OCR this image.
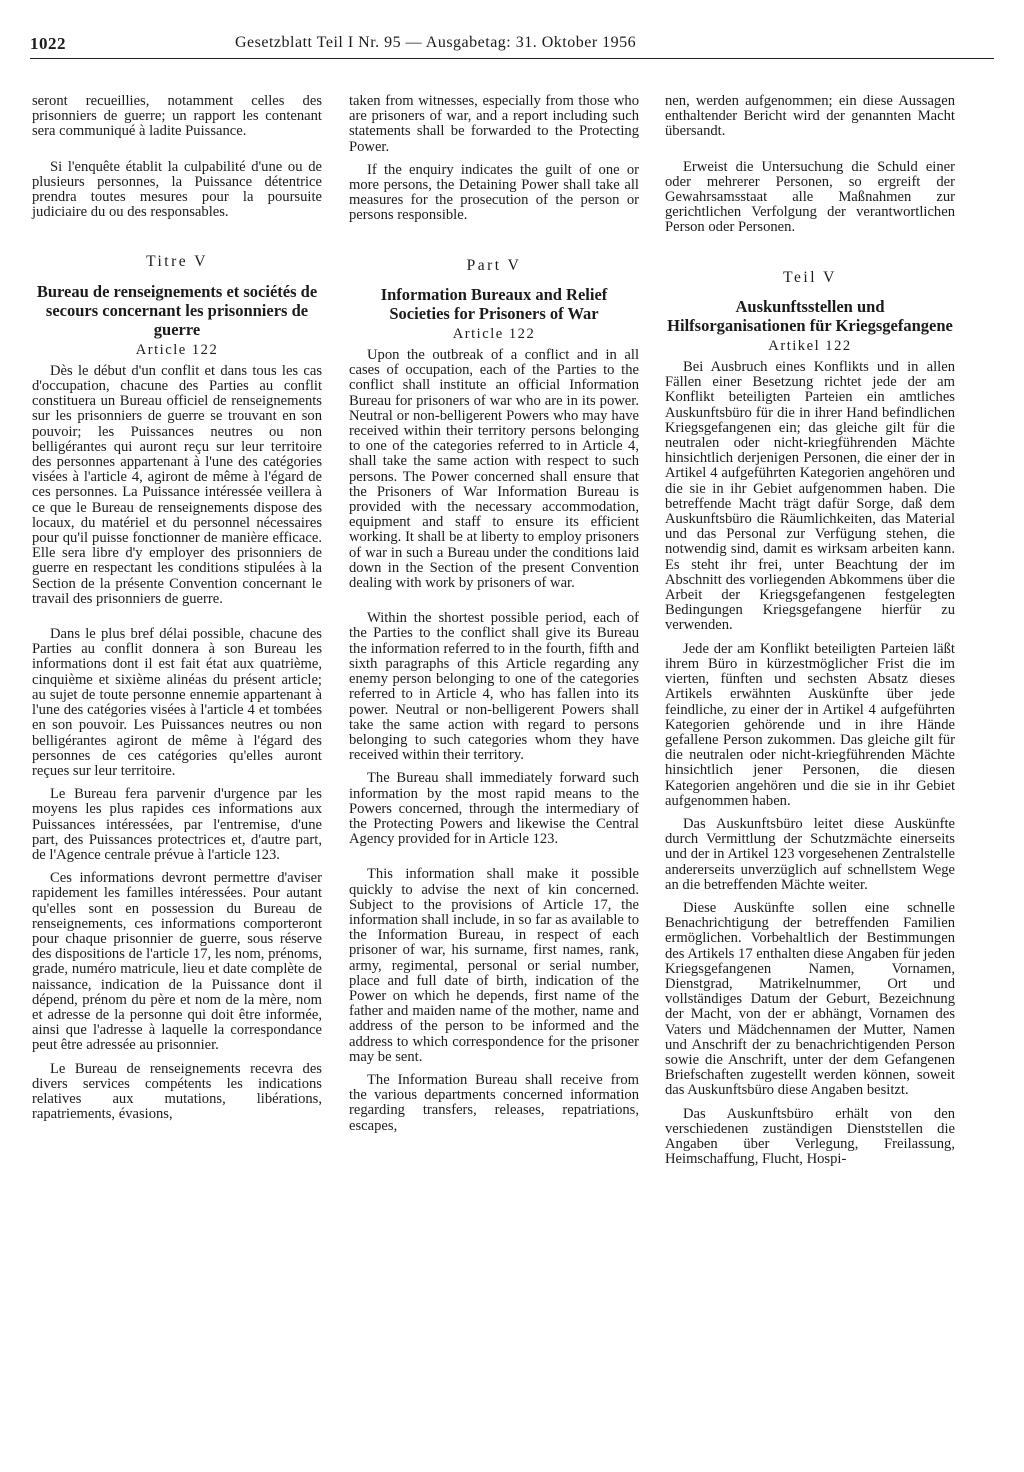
1022	Gesetzblatt Teil I Nr. 95 — Ausgabetag: 31. Oktober 1956

seront recueillies, notamment celles des prisonniers de guerre; un rapport les contenant sera communiqué à ladite Puissance.

Si l'enquête établit la culpabilité d'une ou de plusieurs personnes, la Puissance détentrice prendra toutes mesures pour la poursuite judiciaire du ou des responsables.

Titre V
Bureau de renseignements et sociétés de secours concernant les prisonniers de guerre
Article 122

Dès le début d'un conflit et dans tous les cas d'occupation, chacune des Parties au conflit constituera un Bureau officiel de renseignements sur les prisonniers de guerre se trouvant en son pouvoir; les Puissances neutres ou non belligérantes qui auront reçu sur leur territoire des personnes appartenant à l'une des catégories visées à l'article 4, agiront de même à l'égard de ces personnes. La Puissance intéressée veillera à ce que le Bureau de renseignements dispose des locaux, du matériel et du personnel nécessaires pour qu'il puisse fonctionner de manière efficace. Elle sera libre d'y employer des prisonniers de guerre en respectant les conditions stipulées à la Section de la présente Convention concernant le travail des prisonniers de guerre.

Dans le plus bref délai possible, chacune des Parties au conflit donnera à son Bureau les informations dont il est fait état aux quatrième, cinquième et sixième alinéas du présent article; au sujet de toute personne ennemie appartenant à l'une des catégories visées à l'article 4 et tombées en son pouvoir. Les Puissances neutres ou non belligérantes agiront de même à l'égard des personnes de ces catégories qu'elles auront reçues sur leur territoire.

Le Bureau fera parvenir d'urgence par les moyens les plus rapides ces informations aux Puissances intéressées, par l'entremise, d'une part, des Puissances protectrices et, d'autre part, de l'Agence centrale prévue à l'article 123.

Ces informations devront permettre d'aviser rapidement les familles intéressées. Pour autant qu'elles sont en possession du Bureau de renseignements, ces informations comporteront pour chaque prisonnier de guerre, sous réserve des dispositions de l'article 17, les nom, prénoms, grade, numéro matricule, lieu et date complète de naissance, indication de la Puissance dont il dépend, prénom du père et nom de la mère, nom et adresse de la personne qui doit être informée, ainsi que l'adresse à laquelle la correspondance peut être adressée au prisonnier.

Le Bureau de renseignements recevra des divers services compétents les indications relatives aux mutations, libérations, rapatriements, évasions,

taken from witnesses, especially from those who are prisoners of war, and a report including such statements shall be forwarded to the Protecting Power.

If the enquiry indicates the guilt of one or more persons, the Detaining Power shall take all measures for the prosecution of the person or persons responsible.

Part V
Information Bureaux and Relief Societies for Prisoners of War
Article 122

Upon the outbreak of a conflict and in all cases of occupation, each of the Parties to the conflict shall institute an official Information Bureau for prisoners of war who are in its power. Neutral or non-belligerent Powers who may have received within their territory persons belonging to one of the categories referred to in Article 4, shall take the same action with respect to such persons. The Power concerned shall ensure that the Prisoners of War Information Bureau is provided with the necessary accommodation, equipment and staff to ensure its efficient working. It shall be at liberty to employ prisoners of war in such a Bureau under the conditions laid down in the Section of the present Convention dealing with work by prisoners of war.

Within the shortest possible period, each of the Parties to the conflict shall give its Bureau the information referred to in the fourth, fifth and sixth paragraphs of this Article regarding any enemy person belonging to one of the categories referred to in Article 4, who has fallen into its power. Neutral or non-belligerent Powers shall take the same action with regard to persons belonging to such categories whom they have received within their territory.

The Bureau shall immediately forward such information by the most rapid means to the Powers concerned, through the intermediary of the Protecting Powers and likewise the Central Agency provided for in Article 123.

This information shall make it possible quickly to advise the next of kin concerned. Subject to the provisions of Article 17, the information shall include, in so far as available to the Information Bureau, in respect of each prisoner of war, his surname, first names, rank, army, regimental, personal or serial number, place and full date of birth, indication of the Power on which he depends, first name of the father and maiden name of the mother, name and address of the person to be informed and the address to which correspondence for the prisoner may be sent.

The Information Bureau shall receive from the various departments concerned information regarding transfers, releases, repatriations, escapes,

nen, werden aufgenommen; ein diese Aussagen enthaltender Bericht wird der genannten Macht übersandt.

Erweist die Untersuchung die Schuld einer oder mehrerer Personen, so ergreift der Gewahrsamsstaat alle Maßnahmen zur gerichtlichen Verfolgung der verantwortlichen Person oder Personen.

Teil V
Auskunftsstellen und Hilfsorganisationen für Kriegsgefangene
Artikel 122

Bei Ausbruch eines Konflikts und in allen Fällen einer Besetzung richtet jede der am Konflikt beteiligten Parteien ein amtliches Auskunftsbüro für die in ihrer Hand befindlichen Kriegsgefangenen ein; das gleiche gilt für die neutralen oder nicht-kriegführenden Mächte hinsichtlich derjenigen Personen, die einer der in Artikel 4 aufgeführten Kategorien angehören und die sie in ihr Gebiet aufgenommen haben. Die betreffende Macht trägt dafür Sorge, daß dem Auskunftsbüro die Räumlichkeiten, das Material und das Personal zur Verfügung stehen, die notwendig sind, damit es wirksam arbeiten kann. Es steht ihr frei, unter Beachtung der im Abschnitt des vorliegenden Abkommens über die Arbeit der Kriegsgefangenen festgelegten Bedingungen Kriegsgefangene hierfür zu verwenden.

Jede der am Konflikt beteiligten Parteien läßt ihrem Büro in kürzestmöglicher Frist die im vierten, fünften und sechsten Absatz dieses Artikels erwähnten Auskünfte über jede feindliche, zu einer der in Artikel 4 aufgeführten Kategorien gehörende und in ihre Hände gefallene Person zukommen. Das gleiche gilt für die neutralen oder nicht-kriegführenden Mächte hinsichtlich jener Personen, die diesen Kategorien angehören und die sie in ihr Gebiet aufgenommen haben.

Das Auskunftsbüro leitet diese Auskünfte durch Vermittlung der Schutzmächte einerseits und der in Artikel 123 vorgesehenen Zentralstelle andererseits unverzüglich auf schnellstem Wege an die betreffenden Mächte weiter.

Diese Auskünfte sollen eine schnelle Benachrichtigung der betreffenden Familien ermöglichen. Vorbehaltlich der Bestimmungen des Artikels 17 enthalten diese Angaben für jeden Kriegsgefangenen Namen, Vornamen, Dienstgrad, Matrikelnummer, Ort und vollständiges Datum der Geburt, Bezeichnung der Macht, von der er abhängt, Vornamen des Vaters und Mädchennamen der Mutter, Namen und Anschrift der zu benachrichtigenden Person sowie die Anschrift, unter der dem Gefangenen Briefschaften zugestellt werden können, soweit das Auskunftsbüro diese Angaben besitzt.

Das Auskunftsbüro erhält von den verschiedenen zuständigen Dienststellen die Angaben über Verlegung, Freilassung, Heimschaffung, Flucht, Hospi-
